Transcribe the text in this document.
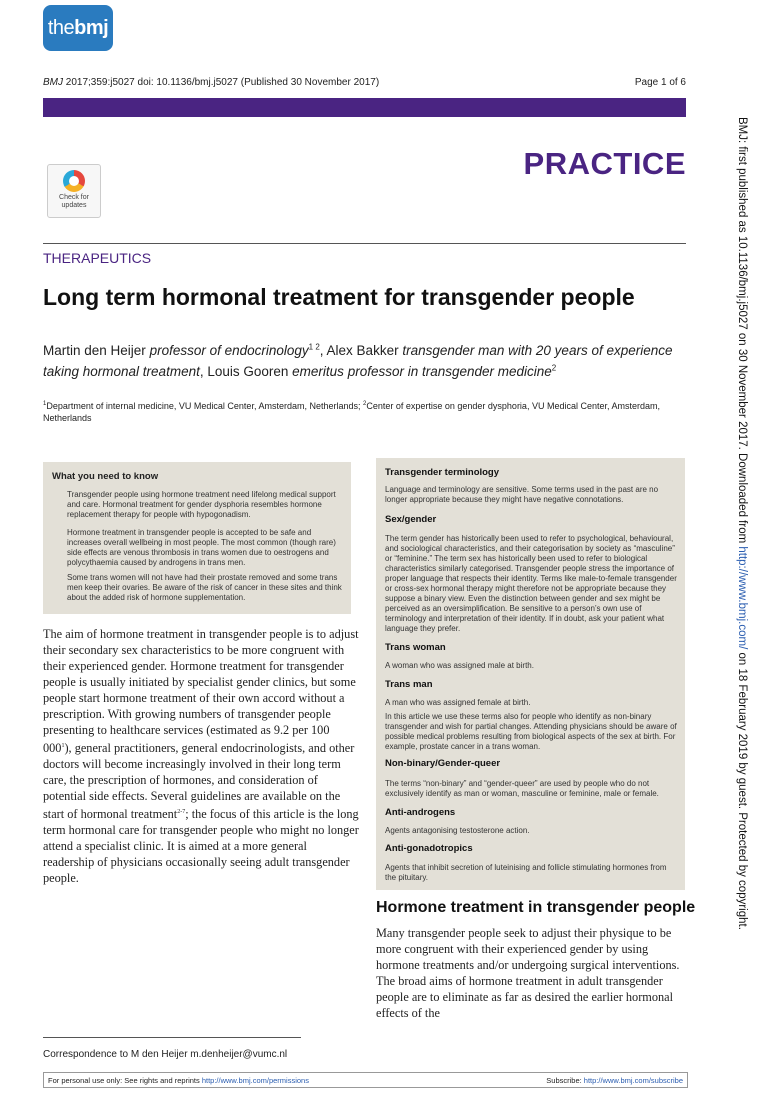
the bmj
BMJ 2017;359:j5027 doi: 10.1136/bmj.j5027 (Published 30 November 2017)	Page 1 of 6
PRACTICE
Check for
updates
THERAPEUTICS
Long term hormonal treatment for transgender people
Martin den Heijer professor of endocrinology$^{1 2}$, Alex Bakker transgender man with 20 years of experience taking hormonal treatment, Louis Gooren emeritus professor in transgender medicine$^2$
$^1$Department of internal medicine, VU Medical Center, Amsterdam, Netherlands; $^2$Center of expertise on gender dysphoria, VU Medical Center, Amsterdam, Netherlands
What you need to know

Transgender people using hormone treatment need lifelong medical support and care. Hormonal treatment for gender dysphoria resembles hormone replacement therapy for people with hypogonadism.

Hormone treatment in transgender people is accepted to be safe and increases overall wellbeing in most people. The most common (though rare) side effects are venous thrombosis in trans women due to oestrogens and polycythaemia caused by androgens in trans men.

Some trans women will not have had their prostate removed and some trans men keep their ovaries. Be aware of the risk of cancer in these sites and think about the added risk of hormone supplementation.

Transgender terminology
Language and terminology are sensitive. Some terms used in the past are no longer appropriate because they might have negative connotations.
Sex/gender
The term gender has historically been used to refer to psychological, behavioural, and sociological characteristics, and their categorisation by society as “masculine” or “feminine.” The term sex has historically been used to refer to biological characteristics similarly categorised. Transgender people stress the importance of proper language that respects their identity. Terms like male-to-female transgender or cross-sex hormonal therapy might therefore not be appropriate because they suppose a binary view. Even the distinction between gender and sex might be perceived as an oversimplification. Be sensitive to a person’s own use of terminology and interpretation of their identity. If in doubt, ask your patient what language they prefer.
Trans woman
A woman who was assigned male at birth.
Trans man
A man who was assigned female at birth.
In this article we use these terms also for people who identify as non-binary transgender and wish for partial changes. Attending physicians should be aware of possible medical problems resulting from biological aspects of the sex at birth. For example, prostate cancer in a trans woman.
Non-binary/Gender-queer
The terms “non-binary” and “gender-queer” are used by people who do not exclusively identify as man or woman, masculine or feminine, male or female.
Anti-androgens
Agents antagonising testosterone action.
Anti-gonadotropics
Agents that inhibit secretion of luteinising and follicle stimulating hormones from the pituitary.
The aim of hormone treatment in transgender people is to adjust their secondary sex characteristics to be more congruent with their experienced gender. Hormone treatment for transgender people is usually initiated by specialist gender clinics, but some people start hormone treatment of their own accord without a prescription. With growing numbers of transgender people presenting to healthcare services (estimated as 9.2 per 100 $000^1$), general practitioners, general endocrinologists, and other doctors will become increasingly involved in their long term care, the prescription of hormones, and consideration of potential side effects. Several guidelines are available on the start of hormonal treatment$^{2-7}$; the focus of this article is the long term hormonal care for transgender people who might no longer attend a specialist clinic. It is aimed at a more general readership of physicians occasionally seeing adult transgender people.
Hormone treatment in transgender people
Many transgender people seek to adjust their physique to be more congruent with their experienced gender by using hormone treatments and/or undergoing surgical interventions. The broad aims of hormone treatment in adult transgender people are to eliminate as far as desired the earlier hormonal effects of the
Correspondence to M den Heijer m.denheijer@vumc.nl
For personal use only: See rights and reprints http://www.bmj.com/permissions	Subscribe: http://www.bmj.com/subscribe
BMJ: first published as 10.1136/bmj.j5027 on 30 November 2017. Downloaded from http://www.bmj.com/ on 18 February 2019 by guest. Protected by copyright.
